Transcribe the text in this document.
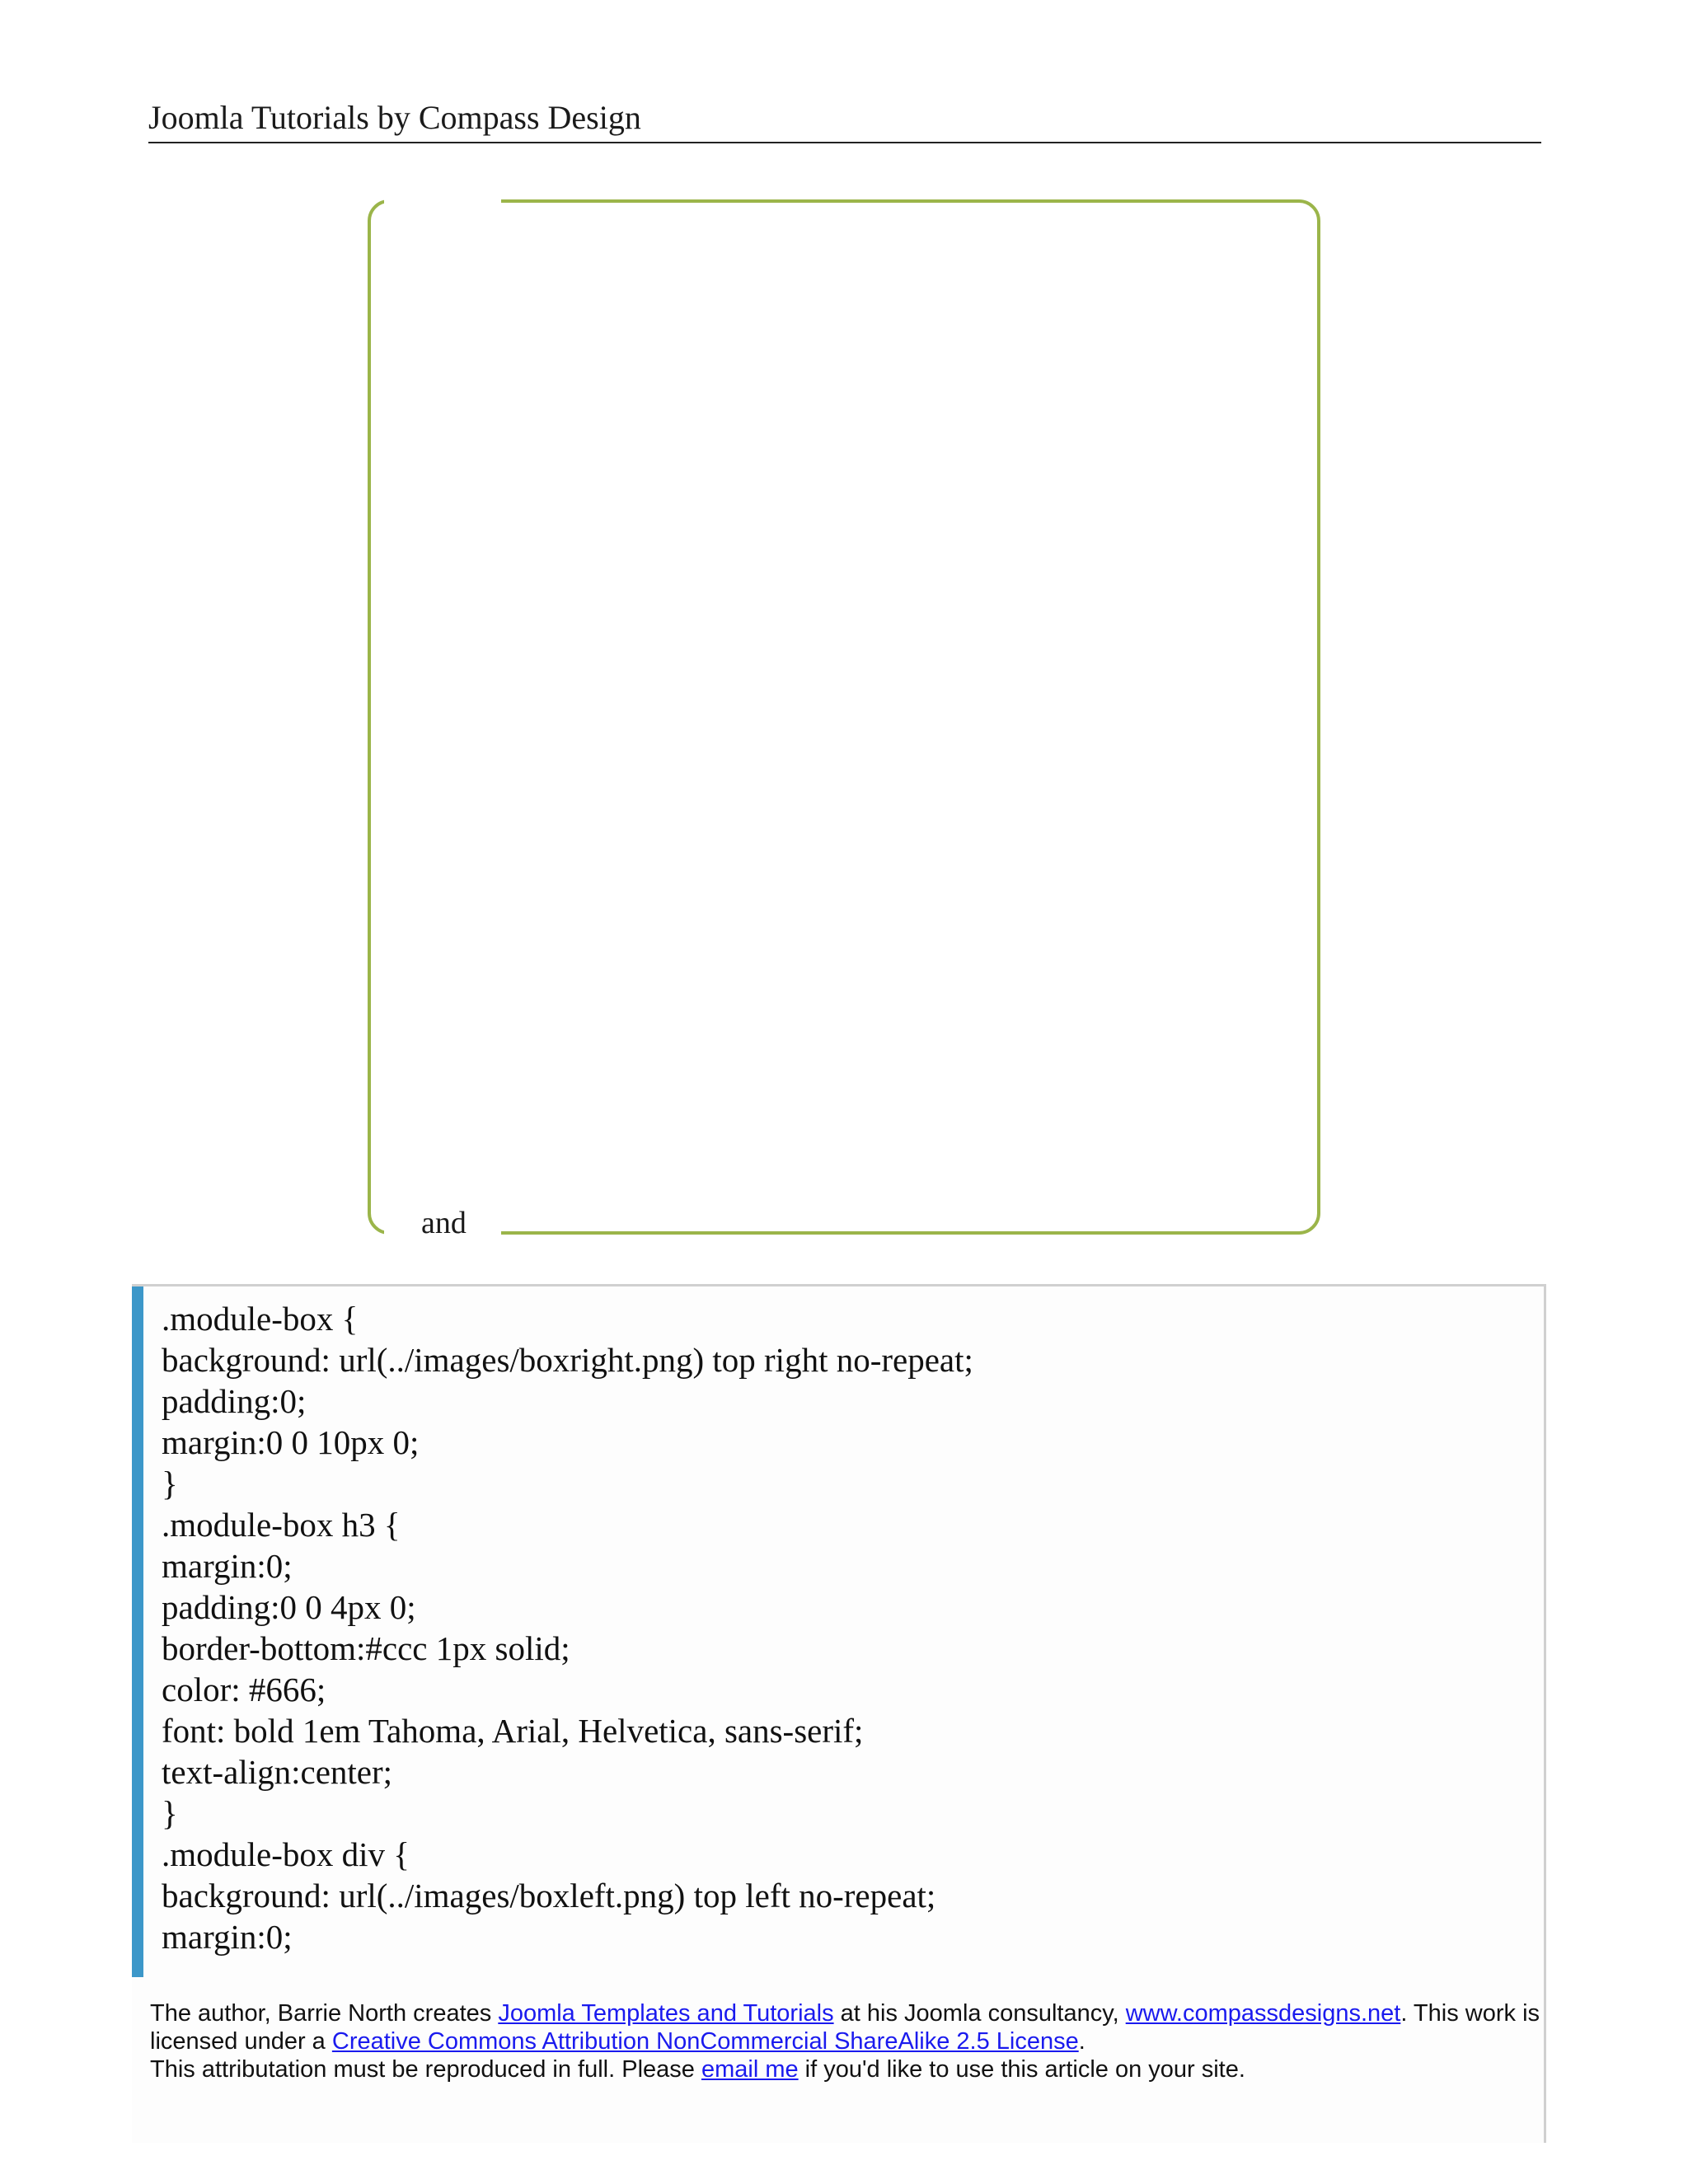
Joomla Tutorials by Compass Design
and
.module-box {
background: url(../images/boxright.png) top right no-repeat;
padding:0;
margin:0 0 10px 0;
}
.module-box h3 {
margin:0;
padding:0 0 4px 0;
border-bottom:#ccc 1px solid;
color: #666;
font: bold 1em Tahoma, Arial, Helvetica, sans-serif;
text-align:center;
}
.module-box div {
background: url(../images/boxleft.png) top left no-repeat;
margin:0;

The author, Barrie North creates Joomla Templates and Tutorials at his Joomla consultancy, www.compassdesigns.net. This work is licensed under a Creative Commons Attribution NonCommercial ShareAlike 2.5 License.

This attributation must be reproduced in full. Please email me if you'd like to use this article on your site.
